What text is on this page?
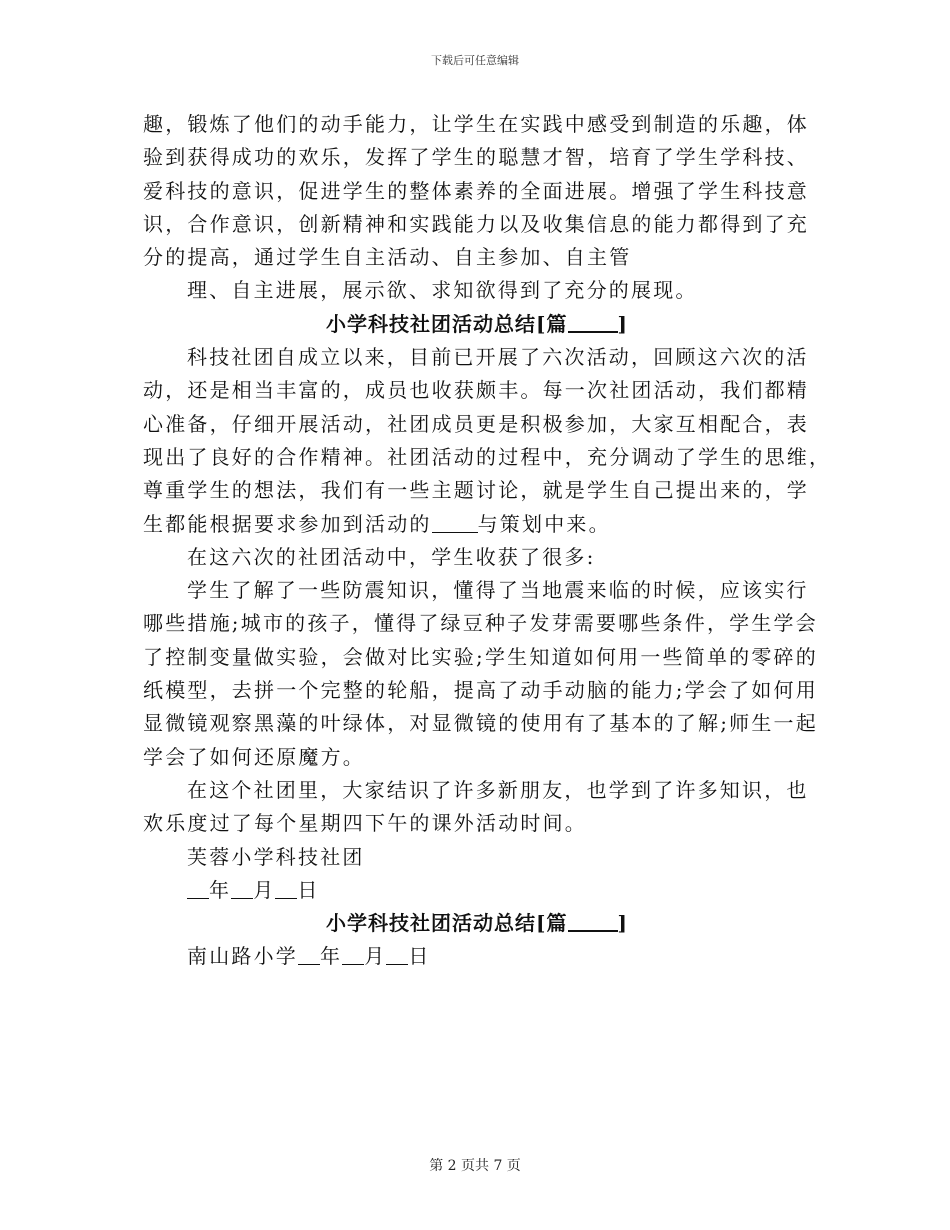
下载后可任意编辑
趣，锻炼了他们的动手能力，让学生在实践中感受到制造的乐趣，体
验到获得成功的欢乐，发挥了学生的聪慧才智，培育了学生学科技、
爱科技的意识，促进学生的整体素养的全面进展。增强了学生科技意
识，合作意识，创新精神和实践能力以及收集信息的能力都得到了充
分的提高，通过学生自主活动、自主参加、自主管
理、自主进展，展示欲、求知欲得到了充分的展现。
小学科技社团活动总结[篇	]
科技社团自成立以来，目前已开展了六次活动，回顾这六次的活
动，还是相当丰富的，成员也收获颇丰。每一次社团活动，我们都精
心准备，仔细开展活动，社团成员更是积极参加，大家互相配合，表
现出了良好的合作精神。社团活动的过程中，充分调动了学生的思维，
尊重学生的想法，我们有一些主题讨论，就是学生自己提出来的，学
生都能根据要求参加到活动的 与策划中来。
在这六次的社团活动中，学生收获了很多:
学生了解了一些防震知识，懂得了当地震来临的时候，应该实行
哪些措施;城市的孩子，懂得了绿豆种子发芽需要哪些条件，学生学会
了控制变量做实验，会做对比实验;学生知道如何用一些简单的零碎的
纸模型，去拼一个完整的轮船，提高了动手动脑的能力;学会了如何用
显微镜观察黑藻的叶绿体，对显微镜的使用有了基本的了解;师生一起
学会了如何还原魔方。
在这个社团里，大家结识了许多新朋友，也学到了许多知识，也
欢乐度过了每个星期四下午的课外活动时间。
芙蓉小学科技社团
年 月 日
小学科技社团活动总结[篇	]
南山路小学 年 月 日
第 2 页共 7 页
